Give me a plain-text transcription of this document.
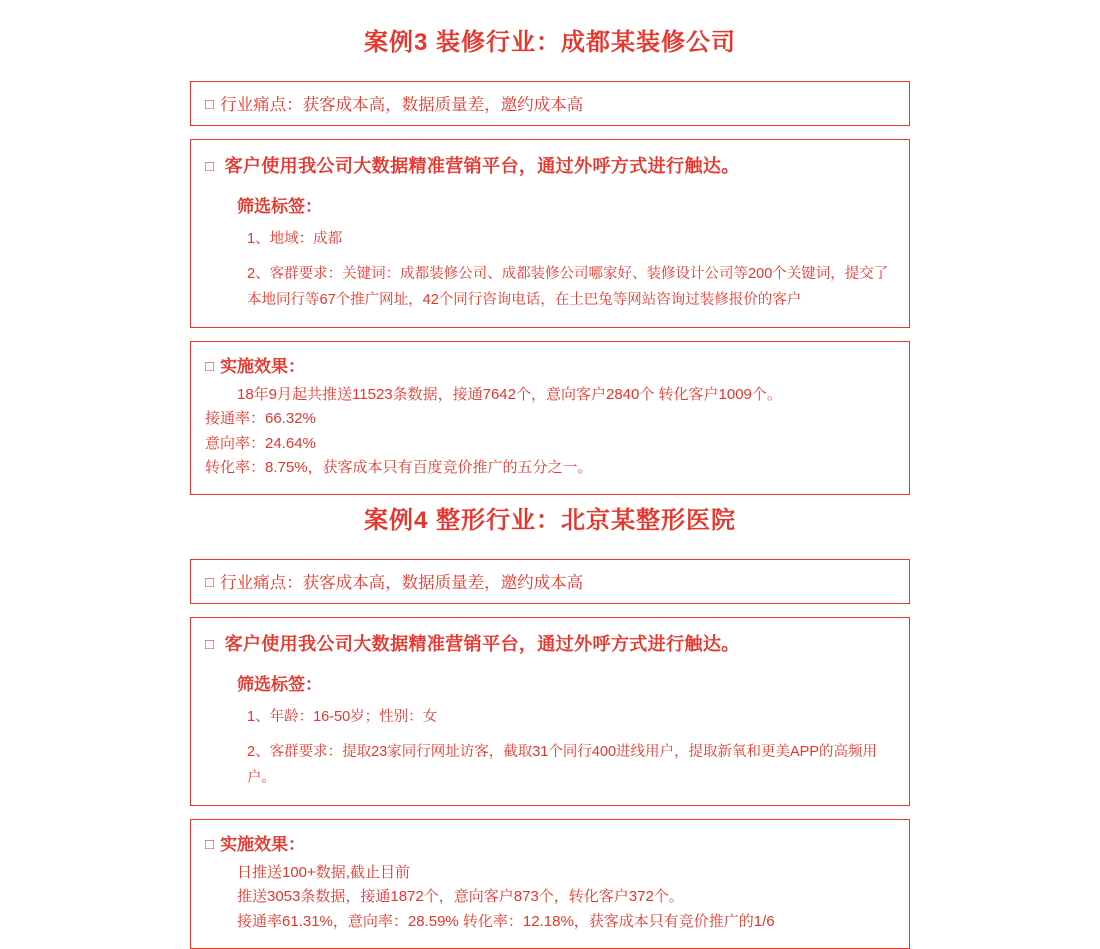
案例3 装修行业：成都某装修公司
□ 行业痛点：获客成本高，数据质量差，邀约成本高
□ 客户使用我公司大数据精准营销平台，通过外呼方式进行触达。
筛选标签：
1、地域：成都
2、客群要求：关键词：成都装修公司、成都装修公司哪家好、装修设计公司等200个关键词，提交了本地同行等67个推广网址，42个同行咨询电话，在土巴兔等网站咨询过装修报价的客户
□ 实施效果：
18年9月起共推送11523条数据，接通7642个，意向客户2840个 转化客户1009个。
接通率：66.32%
意向率：24.64%
转化率：8.75%，获客成本只有百度竞价推广的五分之一。
案例4 整形行业：北京某整形医院
□ 行业痛点：获客成本高，数据质量差，邀约成本高
□ 客户使用我公司大数据精准营销平台，通过外呼方式进行触达。
筛选标签：
1、年龄：16-50岁；性别：女
2、客群要求：提取23家同行网址访客，截取31个同行400进线用户，提取新氧和更美APP的高频用户。
□ 实施效果：
日推送100+数据,截止目前
推送3053条数据，接通1872个，意向客户873个，转化客户372个。
接通率61.31%，意向率：28.59% 转化率：12.18%，获客成本只有竞价推广的1/6
